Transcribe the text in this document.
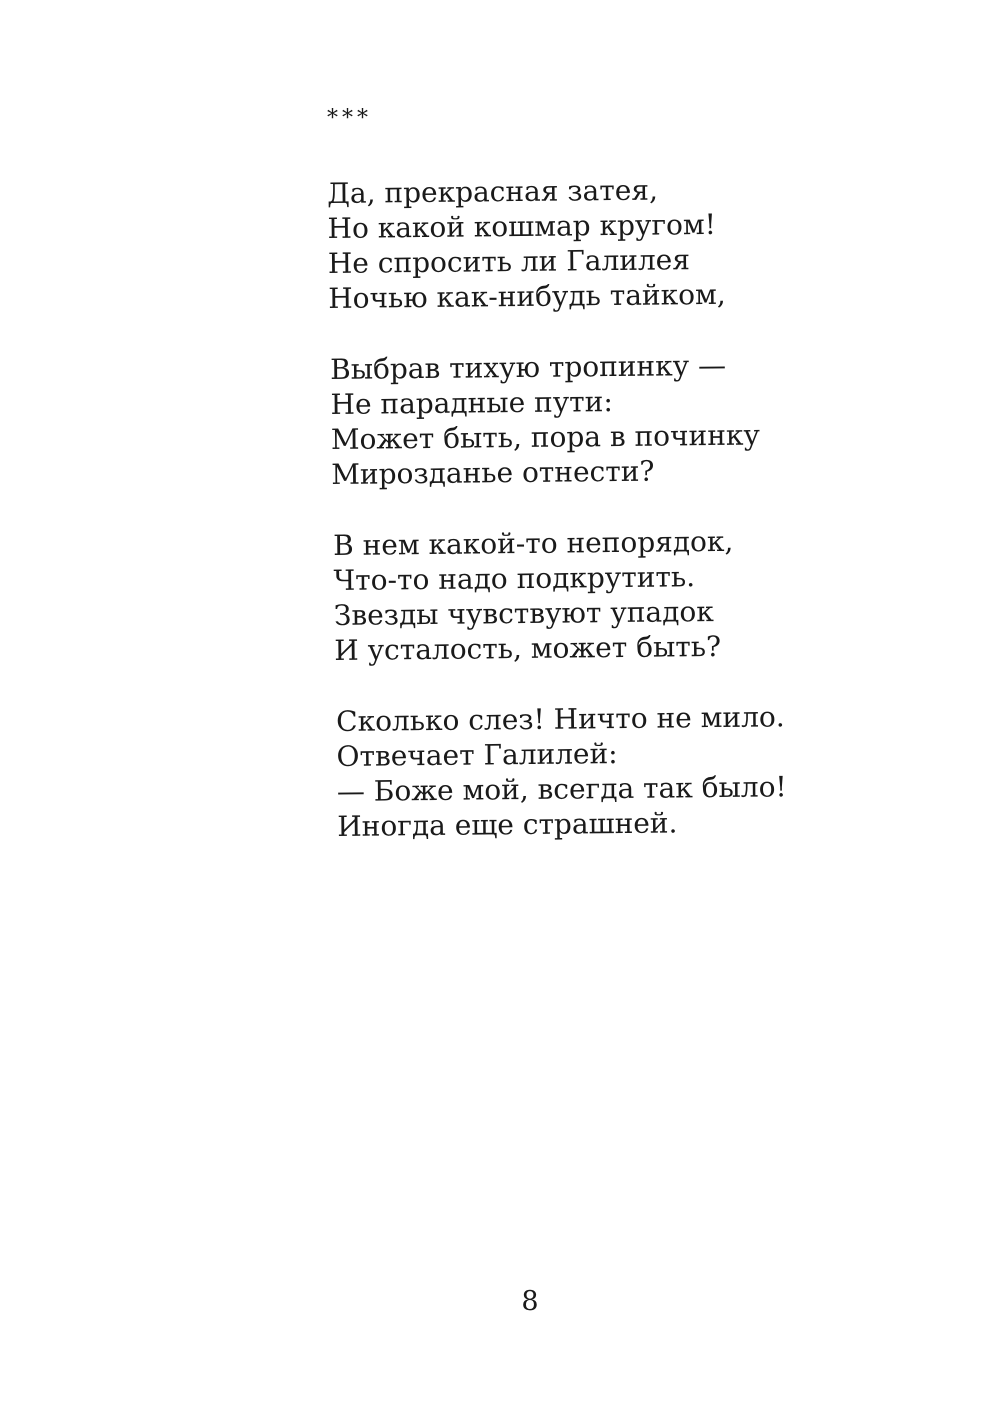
***
Да, прекрасная затея,
Но какой кошмар кругом!
Не спросить ли Галилея
Ночью как-нибудь тайком,
Выбрав тихую тропинку —
Не парадные пути:
Может быть, пора в починку
Мирозданье отнести?
В нем какой-то непорядок,
Что-то надо подкрутить.
Звезды чувствуют упадок
И усталость, может быть?
Сколько слез! Ничто не мило.
Отвечает Галилей:
— Боже мой, всегда так было!
Иногда еще страшней.
8
